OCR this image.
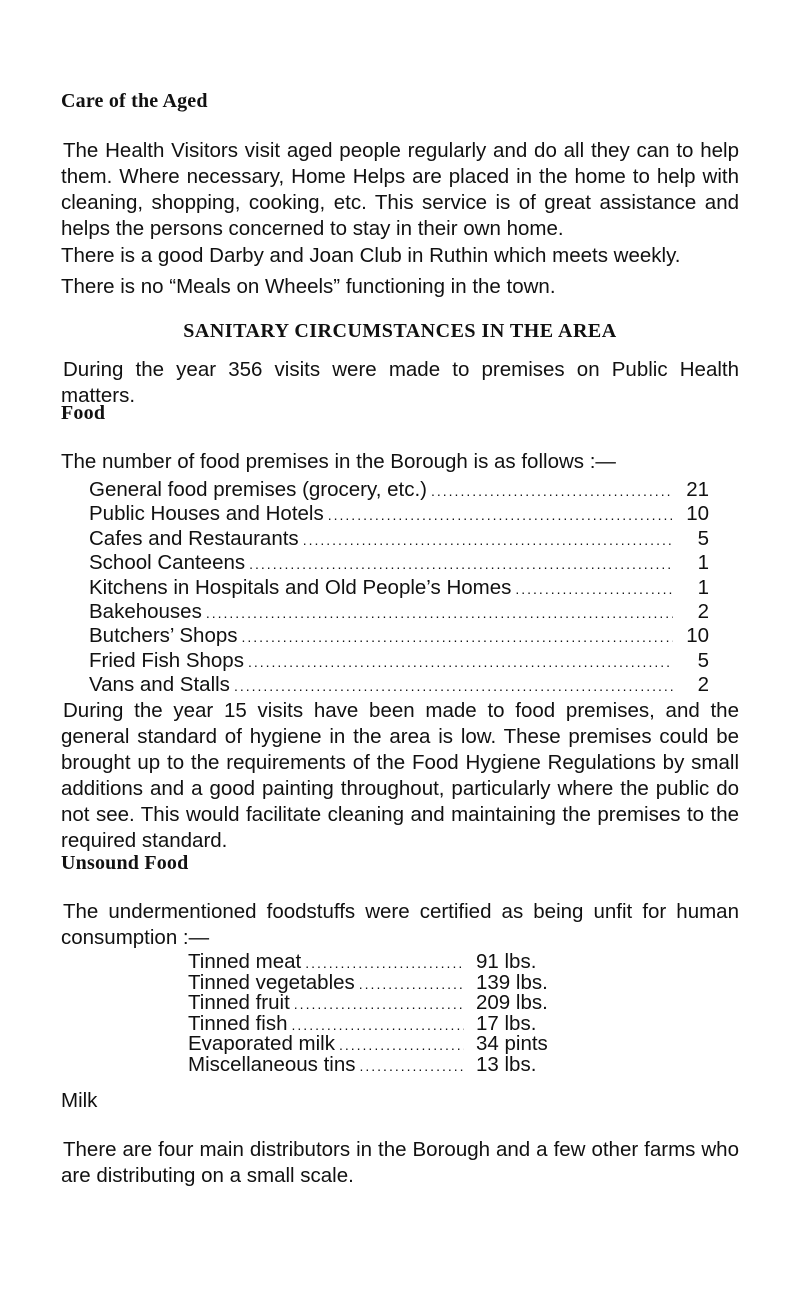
Care of the Aged

The Health Visitors visit aged people regularly and do all they can to help them. Where necessary, Home Helps are placed in the home to help with cleaning, shopping, cooking, etc. This service is of great assistance and helps the persons concerned to stay in their own home.

There is a good Darby and Joan Club in Ruthin which meets weekly.

There is no “Meals on Wheels” functioning in the town.

SANITARY CIRCUMSTANCES IN THE AREA

During the year 356 visits were made to premises on Public Health matters.

Food

The number of food premises in the Borough is as follows :—

General food premises (grocery, etc.) .....	21
Public Houses and Hotels .....	10
Cafes and Restaurants .....	5
School Canteens .....	1
Kitchens in Hospitals and Old People’s Homes .....	1
Bakehouses .....	2
Butchers’ Shops .....	10
Fried Fish Shops .....	5
Vans and Stalls .....	2

During the year 15 visits have been made to food premises, and the general standard of hygiene in the area is low. These premises could be brought up to the requirements of the Food Hygiene Regulations by small additions and a good painting throughout, particularly where the public do not see. This would facilitate cleaning and maintaining the premises to the required standard.

Unsound Food

The undermentioned foodstuffs were certified as being unfit for human consumption :—

Tinned meat .....	91 lbs.
Tinned vegetables .....	139 lbs.
Tinned fruit .....	209 lbs.
Tinned fish .....	17 lbs.
Evaporated milk .....	34 pints
Miscellaneous tins .....	13 lbs.
Milk

There are four main distributors in the Borough and a few other farms who are distributing on a small scale.
